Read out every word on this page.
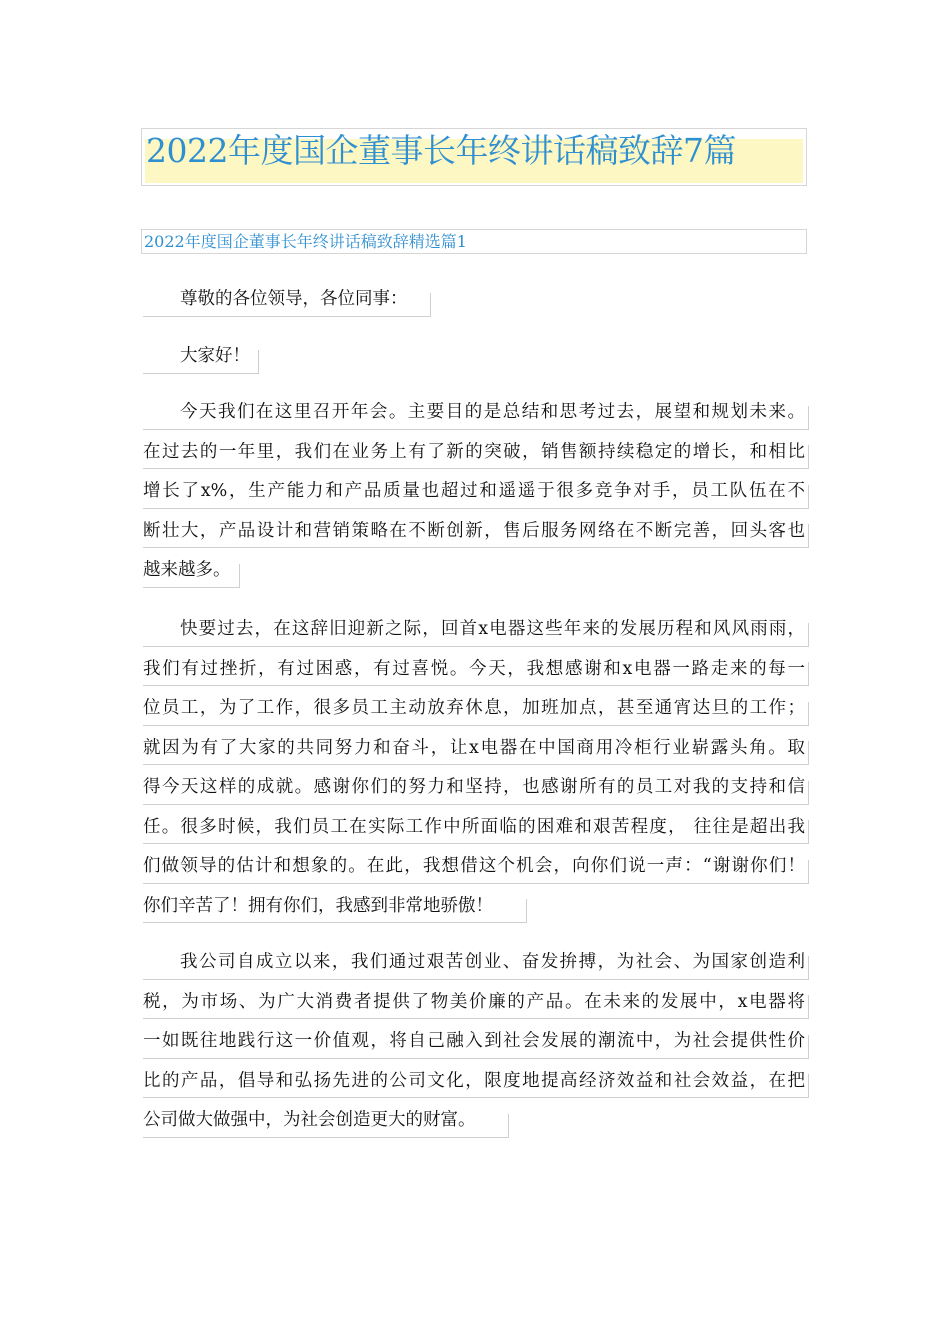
2022年度国企董事长年终讲话稿致辞7篇
2022年度国企董事长年终讲话稿致辞精选篇1
尊敬的各位领导，各位同事：
大家好！
今天我们在这里召开年会。主要目的是总结和思考过去，展望和规划未来。
在过去的一年里，我们在业务上有了新的突破，销售额持续稳定的增长，和相比
增长了x%，生产能力和产品质量也超过和遥遥于很多竞争对手，员工队伍在不
断壮大，产品设计和营销策略在不断创新，售后服务网络在不断完善，回头客也
越来越多。
快要过去，在这辞旧迎新之际，回首x电器这些年来的发展历程和风风雨雨，
我们有过挫折，有过困惑，有过喜悦。今天，我想感谢和x电器一路走来的每一
位员工，为了工作，很多员工主动放弃休息，加班加点，甚至通宵达旦的工作；
就因为有了大家的共同努力和奋斗，让x电器在中国商用冷柜行业崭露头角。取
得今天这样的成就。感谢你们的努力和坚持，也感谢所有的员工对我的支持和信
任。很多时候，我们员工在实际工作中所面临的困难和艰苦程度， 往往是超出我
们做领导的估计和想象的。在此，我想借这个机会，向你们说一声：“谢谢你们！
你们辛苦了！拥有你们，我感到非常地骄傲！
我公司自成立以来，我们通过艰苦创业、奋发拚搏，为社会、为国家创造利
税，为市场、为广大消费者提供了物美价廉的产品。在未来的发展中，x电器将
一如既往地践行这一价值观，将自己融入到社会发展的潮流中，为社会提供性价
比的产品，倡导和弘扬先进的公司文化，限度地提高经济效益和社会效益，在把
公司做大做强中，为社会创造更大的财富。
